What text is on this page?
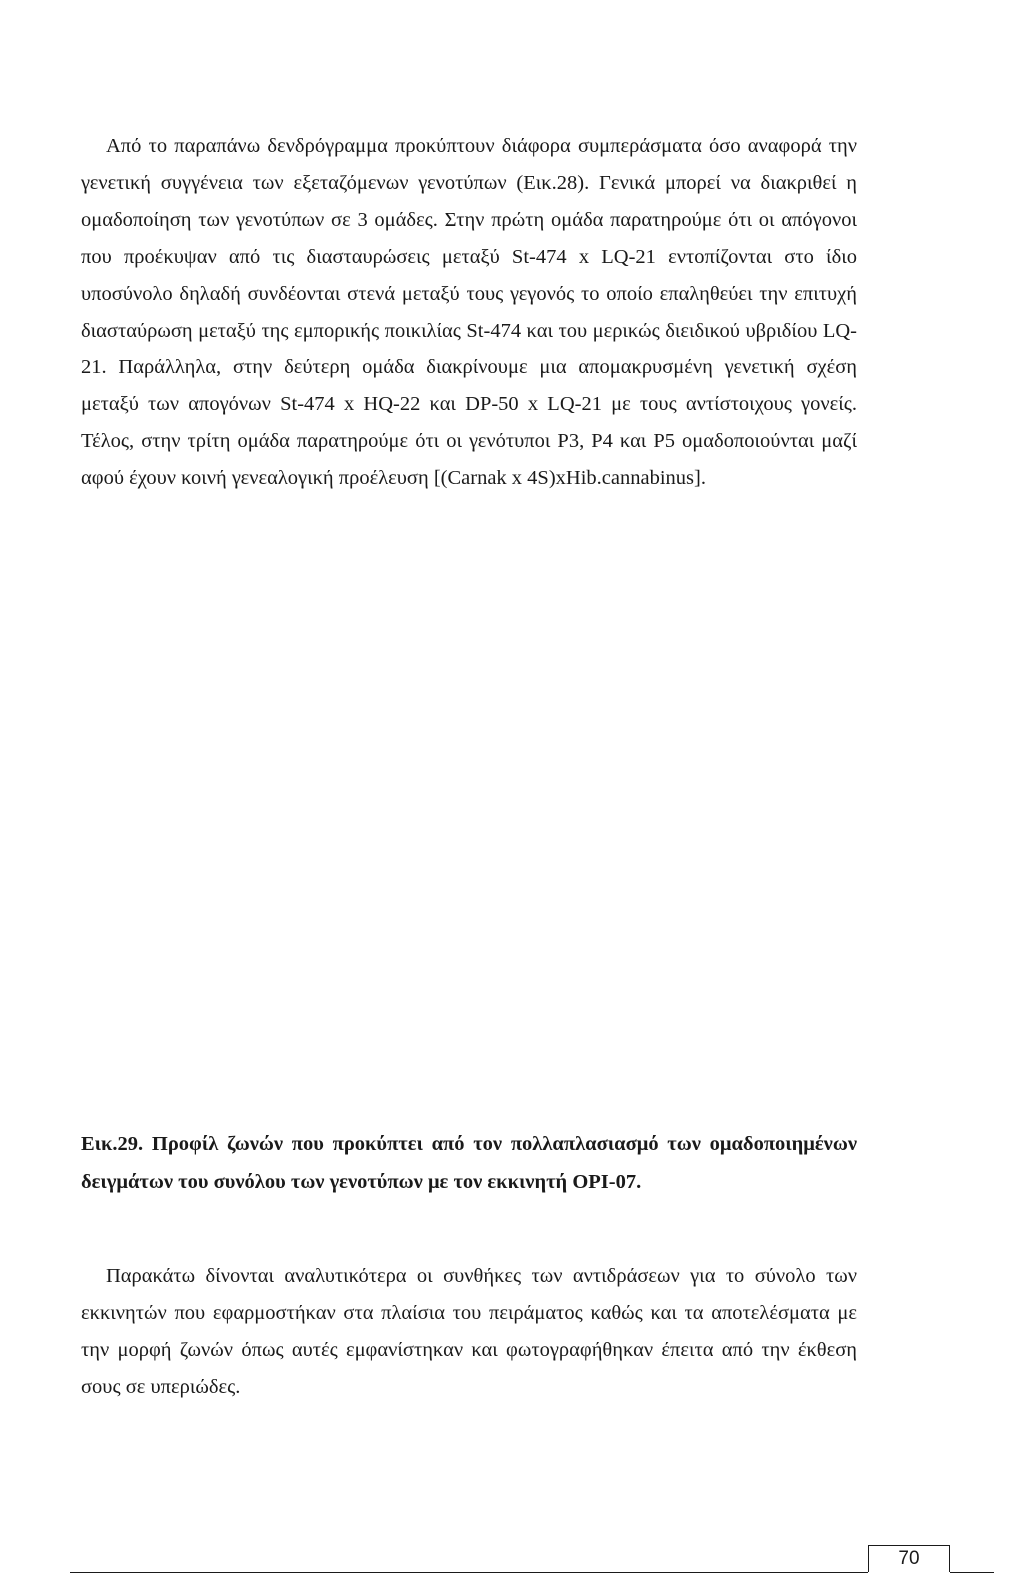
Από το παραπάνω δενδρόγραμμα προκύπτουν διάφορα συμπεράσματα όσο αναφορά την γενετική συγγένεια των εξεταζόμενων γενοτύπων (Εικ.28). Γενικά μπορεί να διακριθεί η ομαδοποίηση των γενοτύπων σε 3 ομάδες. Στην πρώτη ομάδα παρατηρούμε ότι οι απόγονοι που προέκυψαν από τις διασταυρώσεις μεταξύ St-474 x LQ-21 εντοπίζονται στο ίδιο υποσύνολο δηλαδή συνδέονται στενά μεταξύ τους γεγονός το οποίο επαληθεύει την επιτυχή διασταύρωση μεταξύ της εμπορικής ποικιλίας St-474 και του μερικώς διειδικού υβριδίου LQ-21. Παράλληλα, στην δεύτερη ομάδα διακρίνουμε μια απομακρυσμένη γενετική σχέση μεταξύ των απογόνων St-474 x HQ-22 και DP-50 x LQ-21 με τους αντίστοιχους γονείς. Τέλος, στην τρίτη ομάδα παρατηρούμε ότι οι γενότυποι P3, P4 και P5 ομαδοποιούνται μαζί αφού έχουν κοινή γενεαλογική προέλευση [(Carnak x 4S)xHib.cannabinus].

Εικ.29. Προφίλ ζωνών που προκύπτει από τον πολλαπλασιασμό των ομαδοποιημένων δειγμάτων του συνόλου των γενοτύπων με τον εκκινητή OPI-07.

Παρακάτω δίνονται αναλυτικότερα οι συνθήκες των αντιδράσεων για το σύνολο των εκκινητών που εφαρμοστήκαν στα πλαίσια του πειράματος καθώς και τα αποτελέσματα με την μορφή ζωνών όπως αυτές εμφανίστηκαν και φωτογραφήθηκαν έπειτα από την έκθεση σους σε υπεριώδες.

70
